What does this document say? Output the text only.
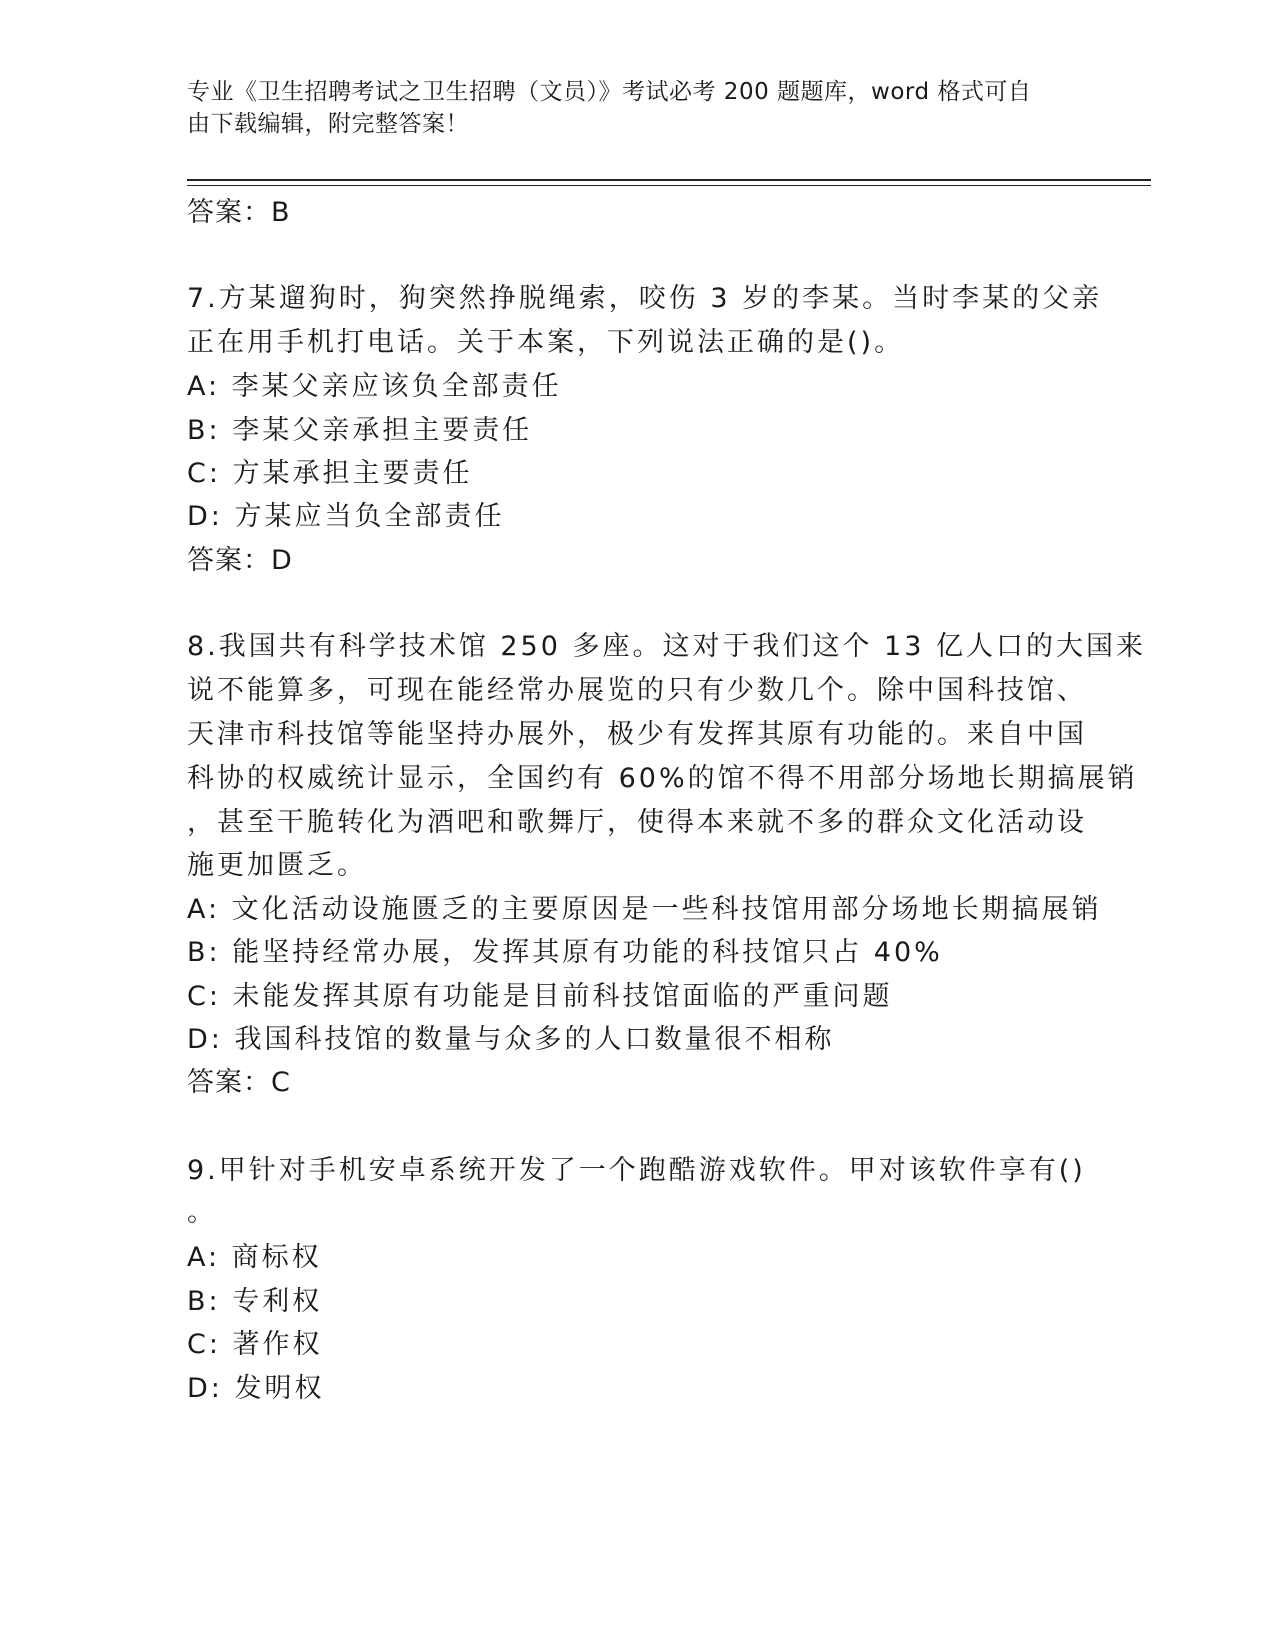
专业《卫生招聘考试之卫生招聘（文员）》考试必考 200 题题库，word 格式可自
由下载编辑，附完整答案！
答案：B
7.方某遛狗时，狗突然挣脱绳索，咬伤 3 岁的李某。当时李某的父亲
正在用手机打电话。关于本案，下列说法正确的是()。
A: 李某父亲应该负全部责任
B: 李某父亲承担主要责任
C: 方某承担主要责任
D: 方某应当负全部责任
答案：D
8.我国共有科学技术馆 250 多座。这对于我们这个 13 亿人口的大国来
说不能算多，可现在能经常办展览的只有少数几个。除中国科技馆、
天津市科技馆等能坚持办展外，极少有发挥其原有功能的。来自中国
科协的权威统计显示，全国约有 60%的馆不得不用部分场地长期搞展销
，甚至干脆转化为酒吧和歌舞厅，使得本来就不多的群众文化活动设
施更加匮乏。
A: 文化活动设施匮乏的主要原因是一些科技馆用部分场地长期搞展销
B: 能坚持经常办展，发挥其原有功能的科技馆只占 40%
C: 未能发挥其原有功能是目前科技馆面临的严重问题
D: 我国科技馆的数量与众多的人口数量很不相称
答案：C
9.甲针对手机安卓系统开发了一个跑酷游戏软件。甲对该软件享有()
。
A: 商标权
B: 专利权
C: 著作权
D: 发明权
